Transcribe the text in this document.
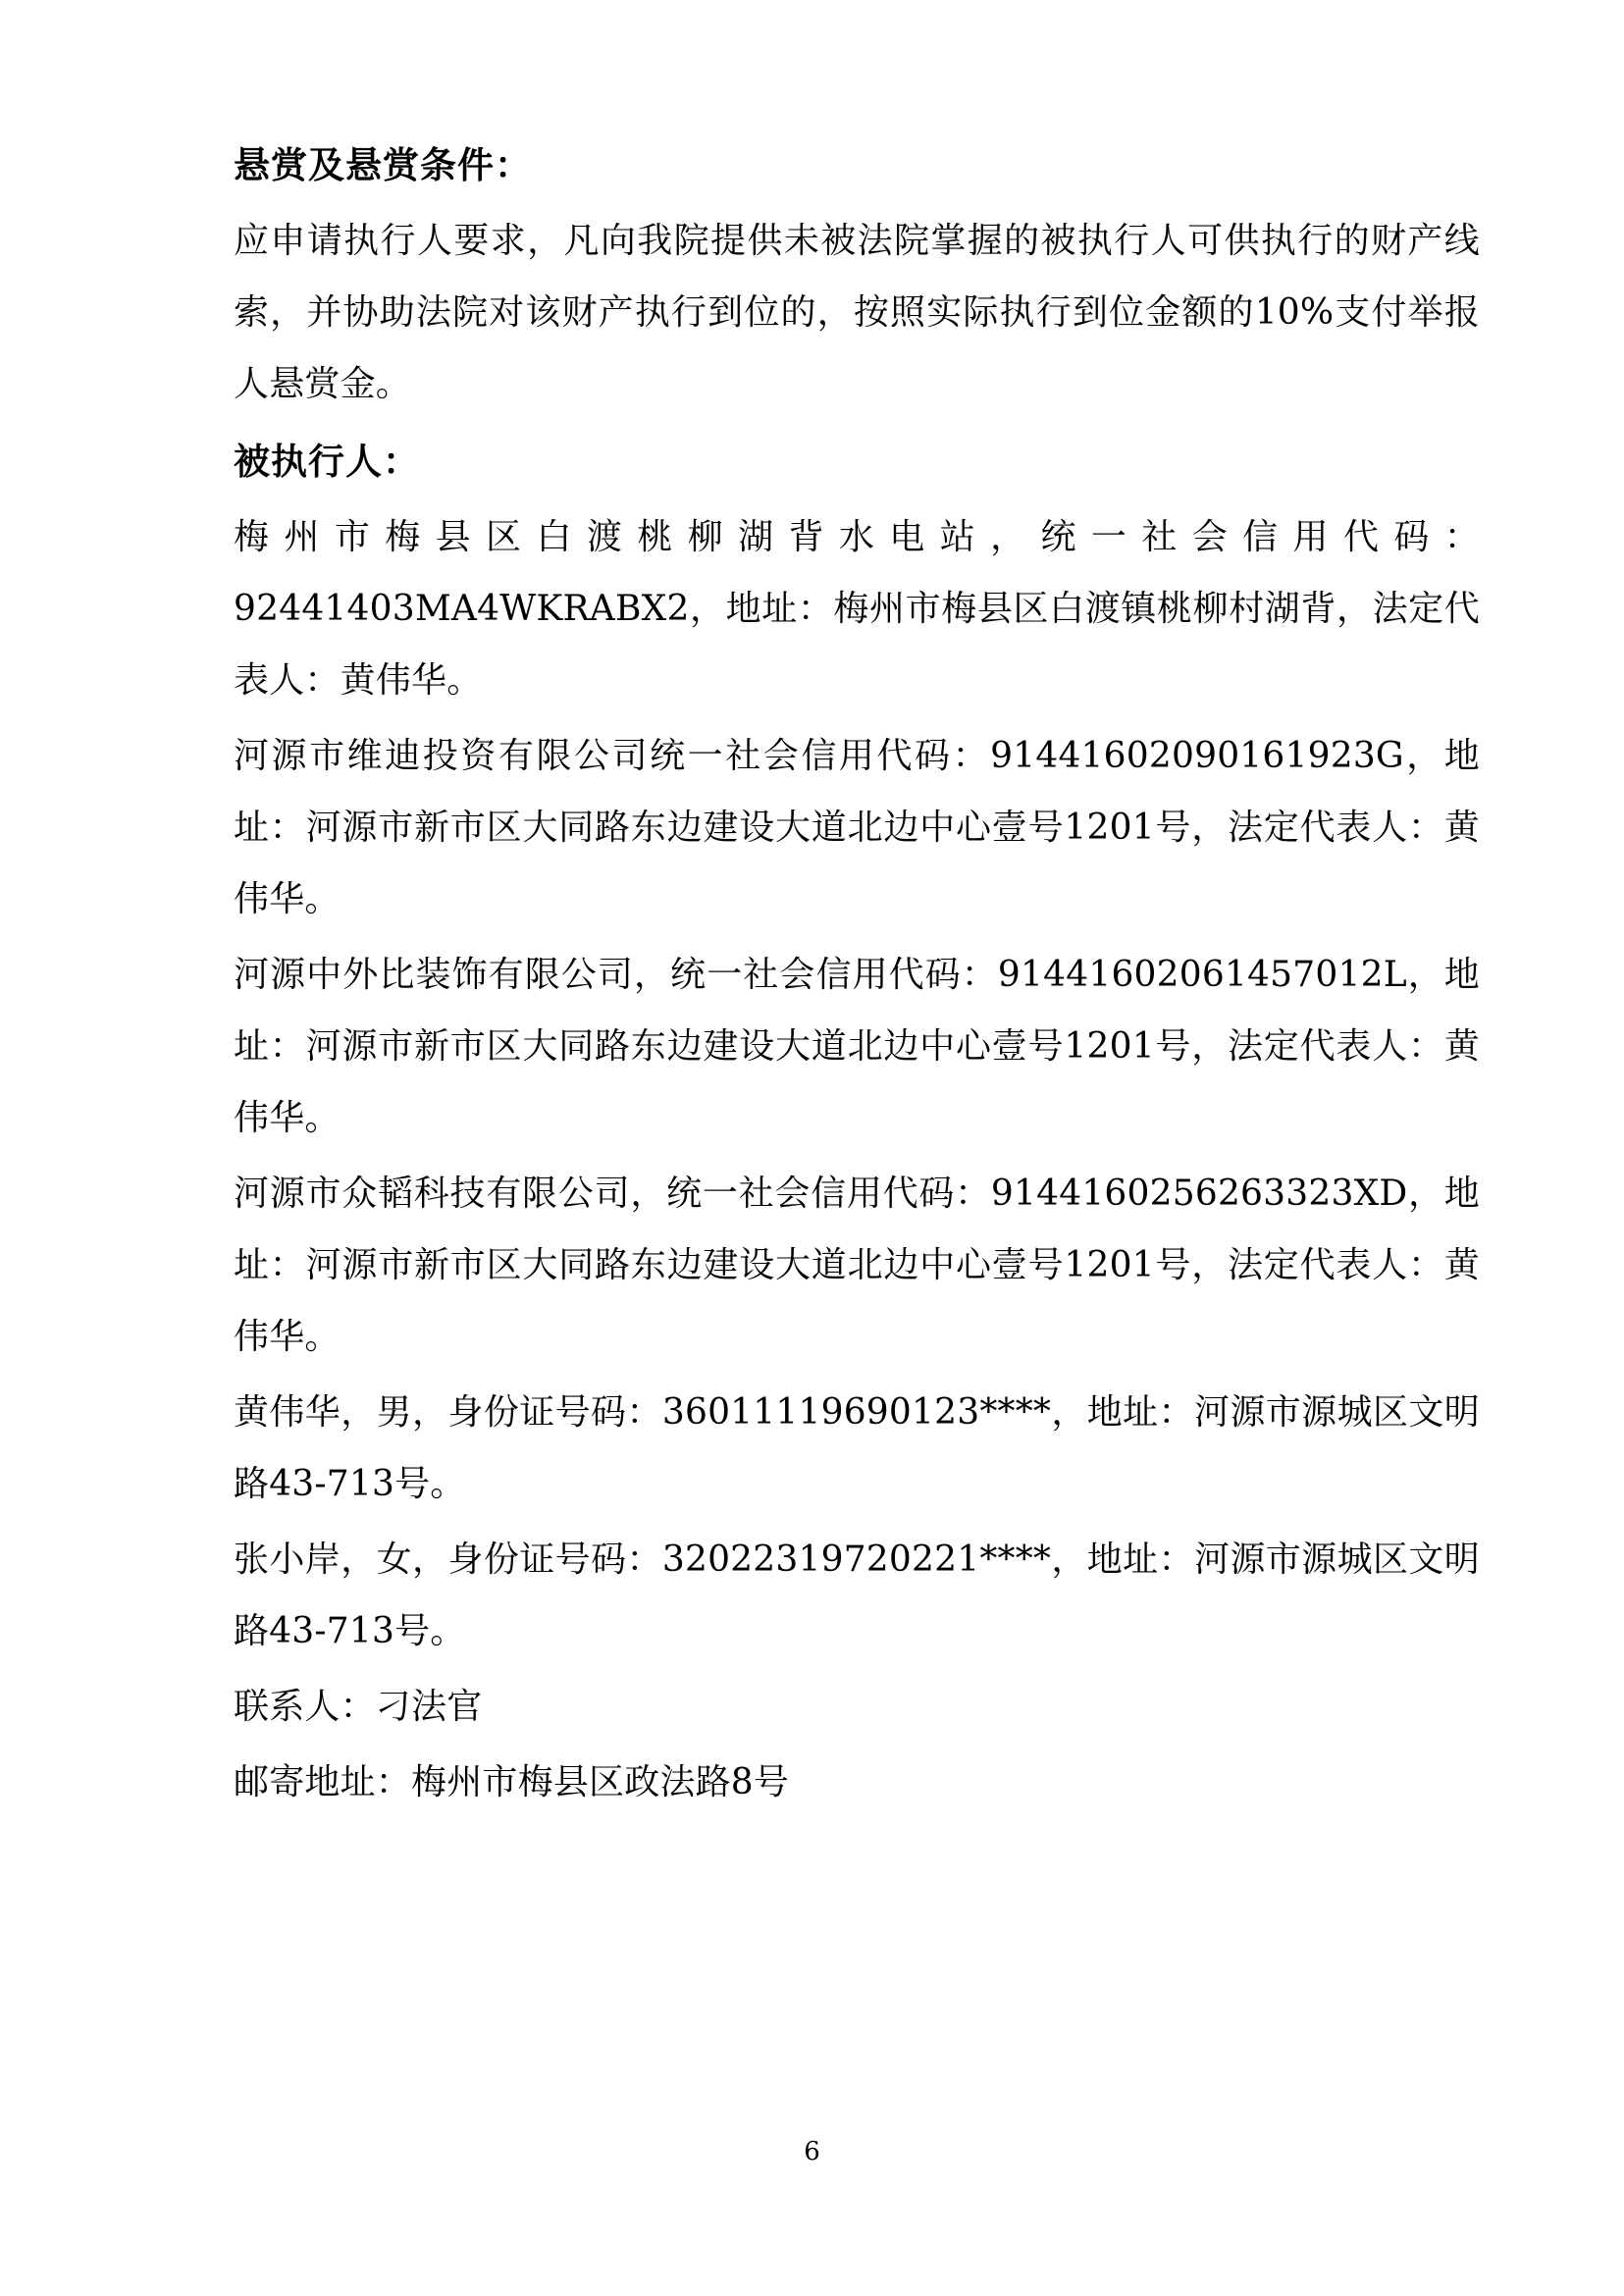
悬赏及悬赏条件：
应申请执行人要求，凡向我院提供未被法院掌握的被执行人可供执行的财产线索，并协助法院对该财产执行到位的，按照实际执行到位金额的10%支付举报人悬赏金。
被执行人：
梅州市梅县区白渡桃柳湖背水电站，统一社会信用代码：92441403MA4WKRABX2，地址：梅州市梅县区白渡镇桃柳村湖背，法定代表人：黄伟华。
河源市维迪投资有限公司统一社会信用代码：91441602090161923G，地址：河源市新市区大同路东边建设大道北边中心壹号1201号，法定代表人：黄伟华。
河源中外比装饰有限公司，统一社会信用代码：91441602061457012L，地址：河源市新市区大同路东边建设大道北边中心壹号1201号，法定代表人：黄伟华。
河源市众韬科技有限公司，统一社会信用代码：9144160256263323XD，地址：河源市新市区大同路东边建设大道北边中心壹号1201号，法定代表人：黄伟华。
黄伟华，男，身份证号码：36011119690123****，地址：河源市源城区文明路43-713号。
张小岸，女，身份证号码：32022319720221****，地址：河源市源城区文明路43-713号。
联系人：刁法官
邮寄地址：梅州市梅县区政法路8号
6
